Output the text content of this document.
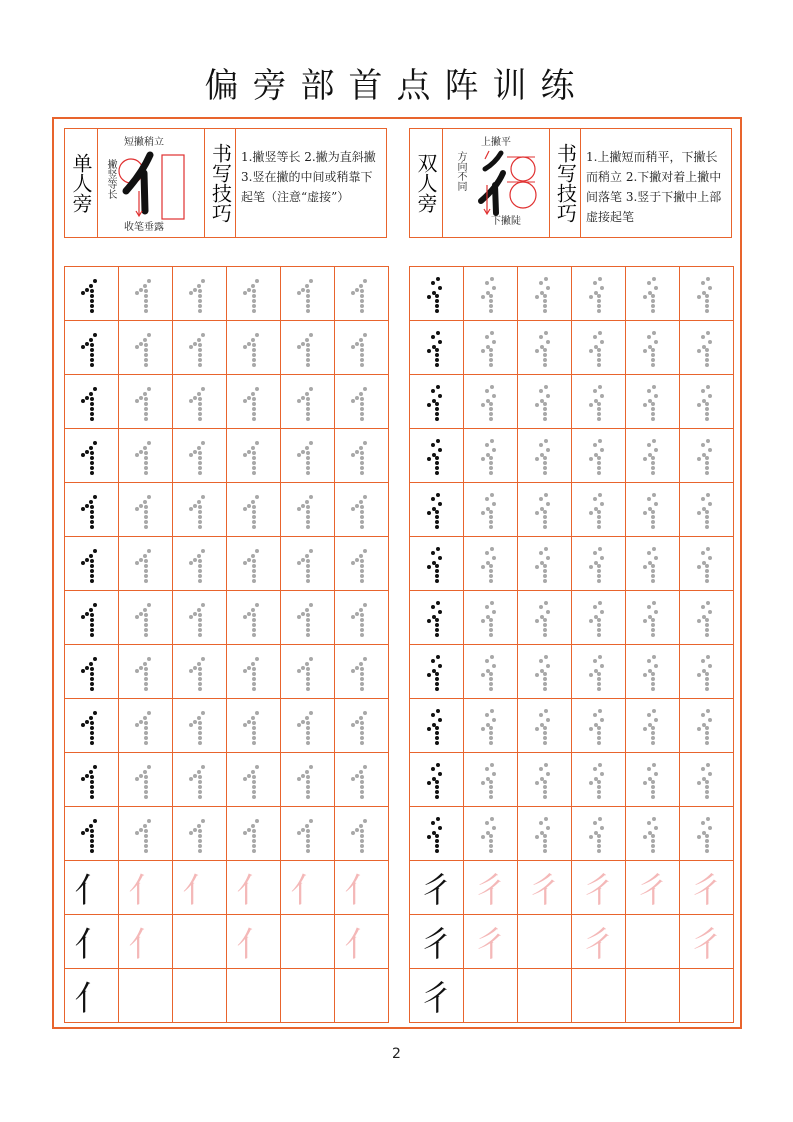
偏旁部首点阵训练
单人旁
短撇稍立
撇竖等长
收笔垂露
书写技巧 1.撇竖等长 2.撇为直斜撇 3.竖在撇的中间或稍靠下起笔（注意“虚接”）	双人旁
上撇平
方向不同
下撇陡 书写技巧 1.上撇短而稍平，下撇长而稍立 2.下撇对着上撇中间落笔 3.竖于下撇中上部虚接起笔
亻 亻 亻 亻 亻 亻
亻 亻 亻 亻
亻
彳 彳 彳 彳 彳 彳
彳 彳 彳 彳
彳
2
